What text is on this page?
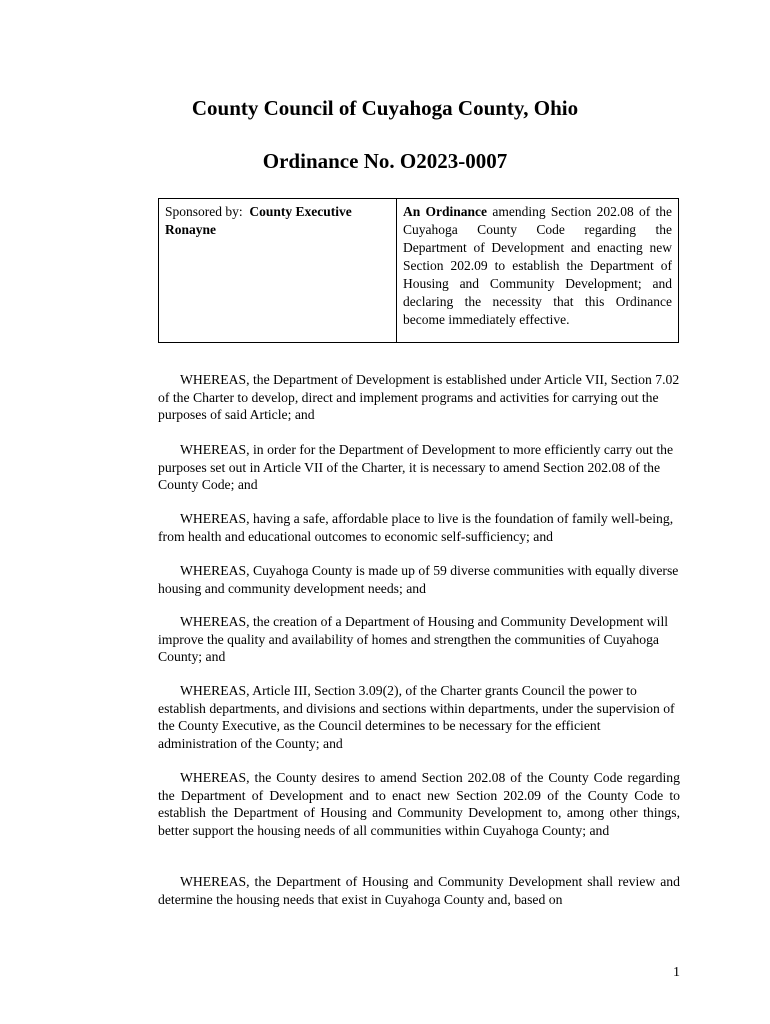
County Council of Cuyahoga County, Ohio
Ordinance No. O2023-0007
Sponsored by: County Executive Ronayne
An Ordinance amending Section 202.08 of the Cuyahoga County Code regarding the Department of Development and enacting new Section 202.09 to establish the Department of Housing and Community Development; and declaring the necessity that this Ordinance become immediately effective.

WHEREAS, the Department of Development is established under Article VII, Section 7.02 of the Charter to develop, direct and implement programs and activities for carrying out the purposes of said Article; and

WHEREAS, in order for the Department of Development to more efficiently carry out the purposes set out in Article VII of the Charter, it is necessary to amend Section 202.08 of the County Code; and

WHEREAS, having a safe, affordable place to live is the foundation of family well-being, from health and educational outcomes to economic self-sufficiency; and

WHEREAS, Cuyahoga County is made up of 59 diverse communities with equally diverse housing and community development needs; and

WHEREAS, the creation of a Department of Housing and Community Development will improve the quality and availability of homes and strengthen the communities of Cuyahoga County; and

WHEREAS, Article III, Section 3.09(2), of the Charter grants Council the power to establish departments, and divisions and sections within departments, under the supervision of the County Executive, as the Council determines to be necessary for the efficient administration of the County; and

WHEREAS, the County desires to amend Section 202.08 of the County Code regarding the Department of Development and to enact new Section 202.09 of the County Code to establish the Department of Housing and Community Development to, among other things, better support the housing needs of all communities within Cuyahoga County; and

WHEREAS, the Department of Housing and Community Development shall review and determine the housing needs that exist in Cuyahoga County and, based on

1
